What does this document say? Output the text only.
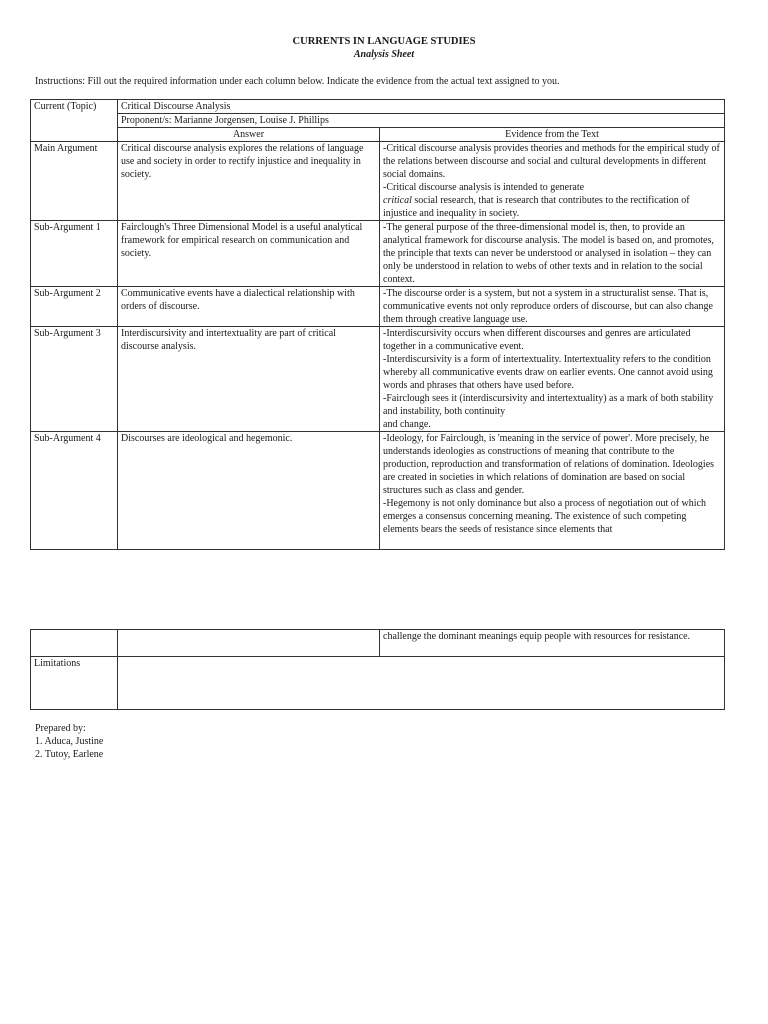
CURRENTS IN LANGUAGE STUDIES
Analysis Sheet
Instructions: Fill out the required information under each column below. Indicate the evidence from the actual text assigned to you.
Current (Topic)	Critical Discourse Analysis	
	Proponent/s: Marianne Jorgensen, Louise J. Phillips	
	Answer	Evidence from the Text
Main Argument	Critical discourse analysis explores the relations of language use and society in order to rectify injustice and inequality in society.	-Critical discourse analysis provides theories and methods for the empirical study of the relations between discourse and social and cultural developments in different social domains.
-Critical discourse analysis is intended to generate
critical social research, that is research that contributes to the rectification of injustice and inequality in society.
Sub-Argument 1	Fairclough's Three Dimensional Model is a useful analytical framework for empirical research on communication and society.	-The general purpose of the three-dimensional model is, then, to provide an analytical framework for discourse analysis. The model is based on, and promotes, the principle that texts can never be understood or analysed in isolation – they can only be understood in relation to webs of other texts and in relation to the social context.

Sub-Argument 2	Communicative events have a dialectical relationship with orders of discourse.	-The discourse order is a system, but not a system in a structuralist sense. That is, communicative events not only reproduce orders of discourse, but can also change them through creative language use.

Sub-Argument 3	Interdiscursivity and intertextuality are part of critical discourse analysis.	-Interdiscursivity occurs when different discourses and genres are articulated together in a communicative event.
-Interdiscursivity is a form of intertextuality. Intertextuality refers to the condition whereby all communicative events draw on earlier events. One cannot avoid using words and phrases that others have used before.
-Fairclough sees it (interdiscursivity and intertextuality) as a mark of both stability and instability, both continuity
and change.

Sub-Argument 4	Discourses are ideological and hegemonic.	-Ideology, for Fairclough, is 'meaning in the service of power'. More precisely, he understands ideologies as constructions of meaning that contribute to the production, reproduction and transformation of relations of domination. Ideologies are created in societies in which relations of domination are based on social structures such as class and gender.
-Hegemony is not only dominance but also a process of negotiation out of which emerges a consensus concerning meaning. The existence of such competing elements bears the seeds of resistance since elements that
		challenge the dominant meanings equip people with resources for resistance.
Limitations		
Prepared by:
1. Aduca, Justine
2. Tutoy, Earlene
